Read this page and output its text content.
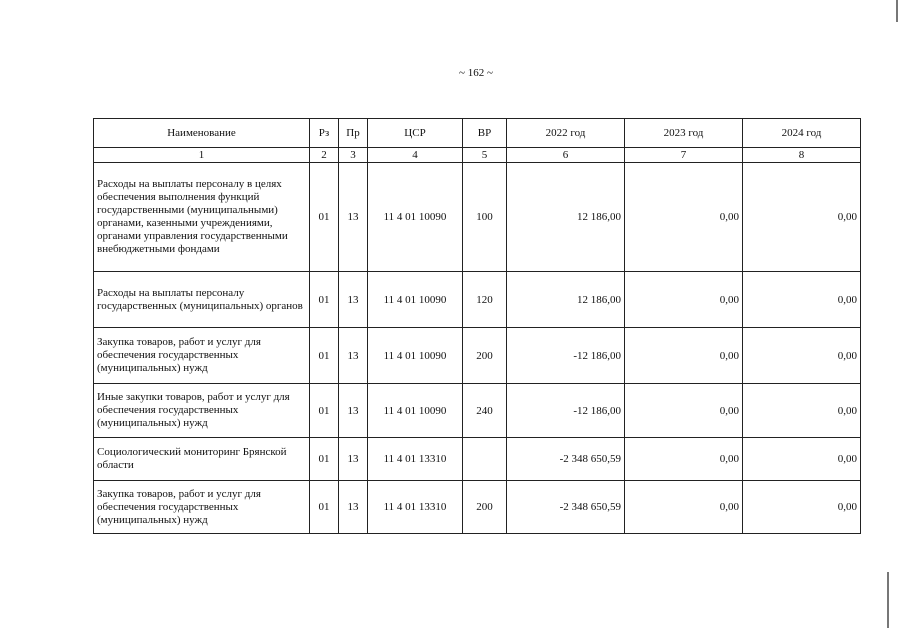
~ 162 ~
Наименование	Рз	Пр	ЦСР	ВР	2022 год	2023 год	2024 год
1	2	3	4	5	6	7	8
Расходы на выплаты персоналу в целях обеспечения выполнения функций государственными (муниципальными) органами, казенными учреждениями, органами управления государственными внебюджетными фондами	01	13	11 4 01 10090	100	12 186,00	0,00	0,00
Расходы на выплаты персоналу государственных (муниципальных) органов	01	13	11 4 01 10090	120	12 186,00	0,00	0,00
Закупка товаров, работ и услуг для обеспечения государственных (муниципальных) нужд	01	13	11 4 01 10090	200	-12 186,00	0,00	0,00
Иные закупки товаров, работ и услуг для обеспечения государственных (муниципальных) нужд	01	13	11 4 01 10090	240	-12 186,00	0,00	0,00
Социологический мониторинг Брянской области	01	13	11 4 01 13310		-2 348 650,59	0,00	0,00
Закупка товаров, работ и услуг для обеспечения государственных (муниципальных) нужд	01	13	11 4 01 13310	200	-2 348 650,59	0,00	0,00
